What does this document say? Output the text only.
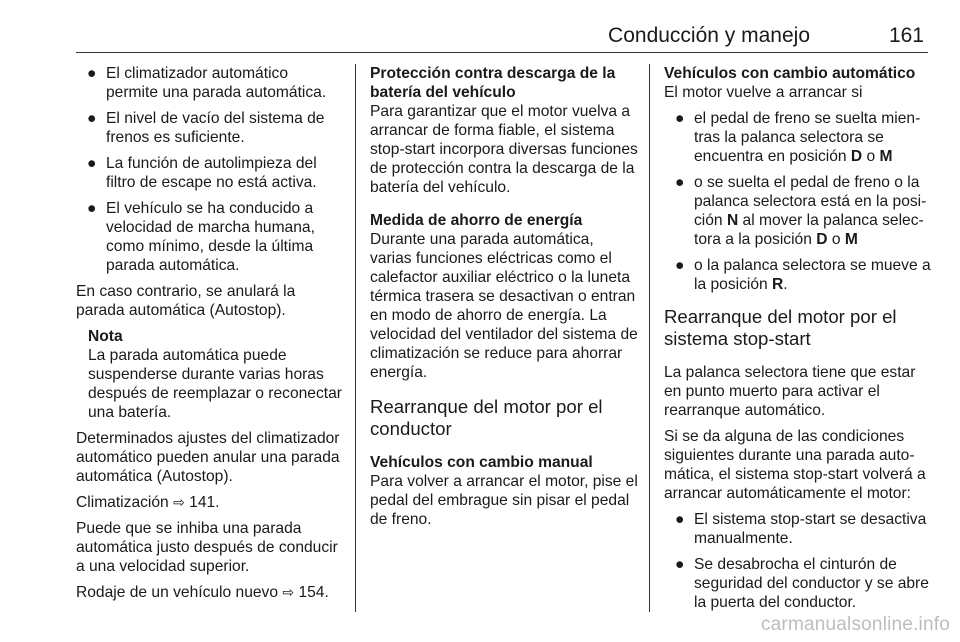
Conducción y manejo	161
● El climatizador automático permite una parada automática.
● El nivel de vacío del sistema de frenos es suficiente.
● La función de autolimpieza del filtro de escape no está activa.
● El vehículo se ha conducido a velocidad de marcha humana, como mínimo, desde la última parada automática.
En caso contrario, se anulará la parada automática (Autostop).
Nota
La parada automática puede suspenderse durante varias horas después de reemplazar o reconectar una batería.
Determinados ajustes del climatizador automático pueden anular una parada automática (Autostop).
Climatización ⇨ 141.
Puede que se inhiba una parada automática justo después de conducir a una velocidad superior.
Rodaje de un vehículo nuevo ⇨ 154.
Protección contra descarga de la batería del vehículo
Para garantizar que el motor vuelva a arrancar de forma fiable, el sistema stop-start incorpora diversas funciones de protección contra la descarga de la batería del vehículo.
Medida de ahorro de energía
Durante una parada automática, varias funciones eléctricas como el calefactor auxiliar eléctrico o la luneta térmica trasera se desactivan o entran en modo de ahorro de energía. La velocidad del ventilador del sistema de climatización se reduce para ahorrar energía.
Rearranque del motor por el conductor
Vehículos con cambio manual
Para volver a arrancar el motor, pise el pedal del embrague sin pisar el pedal de freno.
Vehículos con cambio automático
El motor vuelve a arrancar si
● el pedal de freno se suelta mientras la palanca selectora se encuentra en posición D o M
● o se suelta el pedal de freno o la palanca selectora está en la posición N al mover la palanca selectora a la posición D o M
● o la palanca selectora se mueve a la posición R.
Rearranque del motor por el sistema stop-start
La palanca selectora tiene que estar en punto muerto para activar el rearranque automático.
Si se da alguna de las condiciones siguientes durante una parada automática, el sistema stop-start volverá a arrancar automáticamente el motor:
● El sistema stop-start se desactiva manualmente.
● Se desabrocha el cinturón de seguridad del conductor y se abre la puerta del conductor.
carmanualsonline.info
